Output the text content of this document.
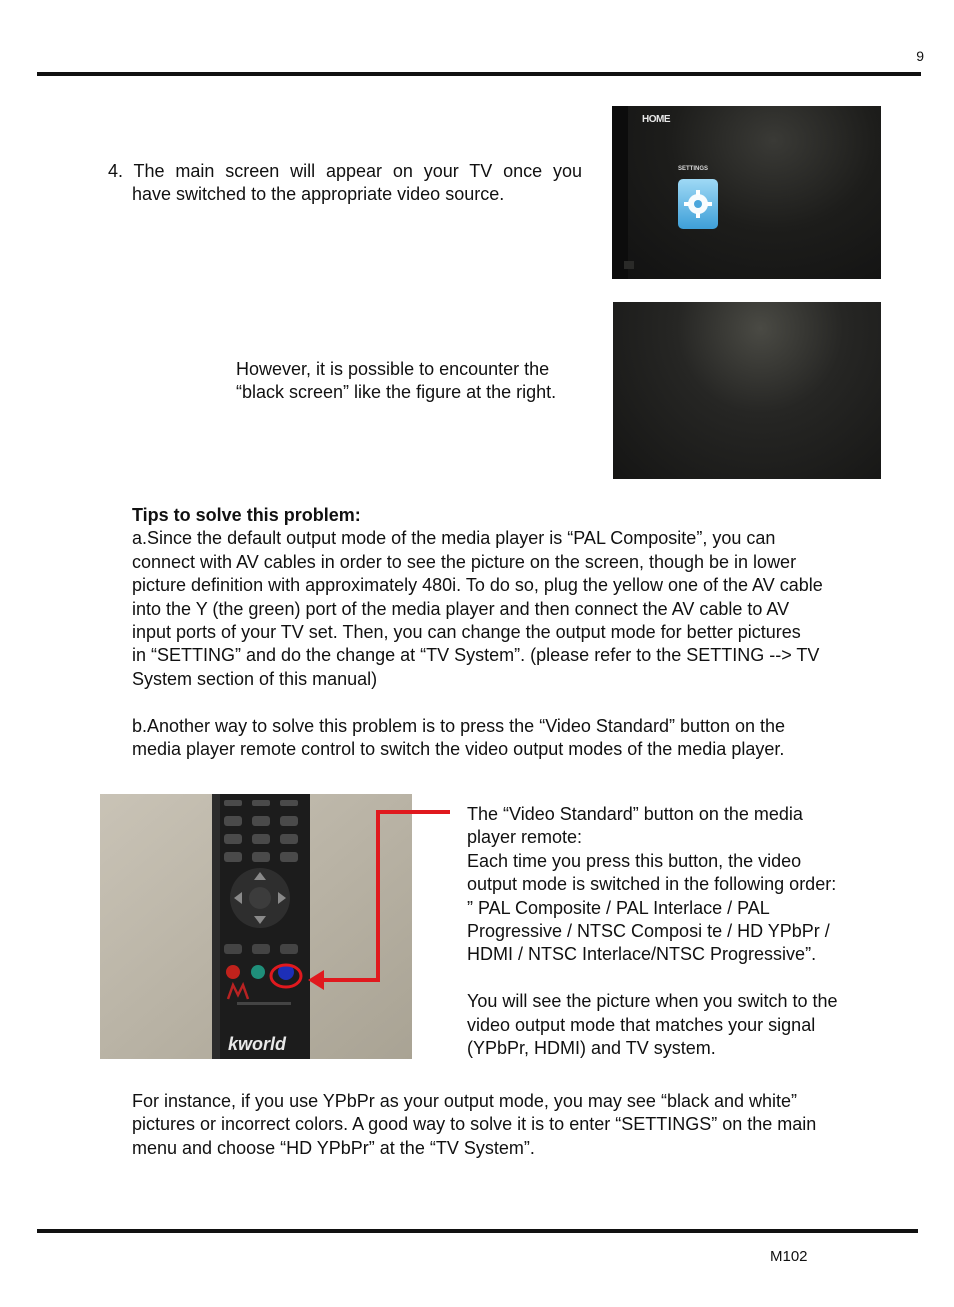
9
4. The main screen will appear on your TV once you
have switched to the appropriate video source.
HOME
SETTINGS
However, it is possible to encounter the
“black screen” like the figure at the right.
Tips to solve this problem:
a.Since the default output mode of the media player is “PAL Composite”, you can
connect with AV cables in order to see the picture on the screen, though be in lower
picture definition with approximately 480i. To do so, plug the yellow one of the AV cable
into the Y (the green) port of the media player and then connect the AV cable to AV
input ports of your TV set. Then, you can change the output mode for better pictures
in “SETTING” and do the change at “TV System”. (please refer to the SETTING --> TV
System section of this manual)
b.Another way to solve this problem is to press the “Video Standard” button on the
media player remote control to switch the video output modes of the media player.
kworld
The “Video Standard” button on the media
player remote:
Each time you press this button, the video
output mode is switched in the following order:
” PAL Composite / PAL Interlace / PAL
Progressive / NTSC Composi te / HD YPbPr /
HDMI / NTSC Interlace/NTSC Progressive”.
You will see the picture when you switch to the
video output mode that matches your signal
(YPbPr, HDMI) and TV system.
For instance, if you use YPbPr as your output mode, you may see “black and white”
pictures or incorrect colors. A good way to solve it is to enter “SETTINGS” on the main
menu and choose “HD YPbPr” at the “TV System”.
M102
